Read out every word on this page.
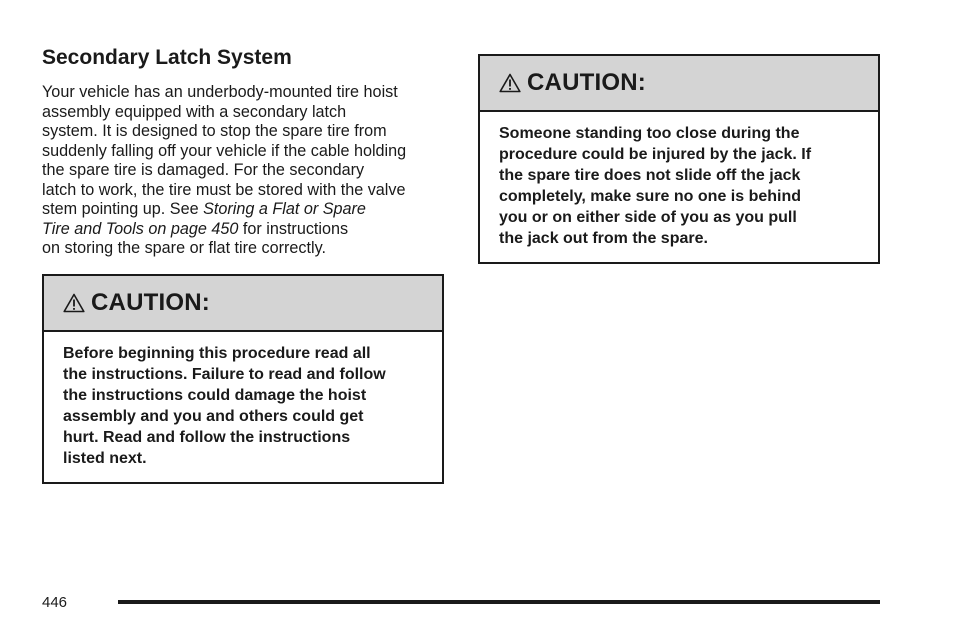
Secondary Latch System

Your vehicle has an underbody-mounted tire hoist
assembly equipped with a secondary latch
system. It is designed to stop the spare tire from
suddenly falling off your vehicle if the cable holding
the spare tire is damaged. For the secondary
latch to work, the tire must be stored with the valve
stem pointing up. See Storing a Flat or Spare
Tire and Tools on page 450 for instructions
on storing the spare or flat tire correctly.

CAUTION:

Before beginning this procedure read all
the instructions. Failure to read and follow
the instructions could damage the hoist
assembly and you and others could get
hurt. Read and follow the instructions
listed next.

CAUTION:

Someone standing too close during the
procedure could be injured by the jack. If
the spare tire does not slide off the jack
completely, make sure no one is behind
you or on either side of you as you pull
the jack out from the spare.

446
